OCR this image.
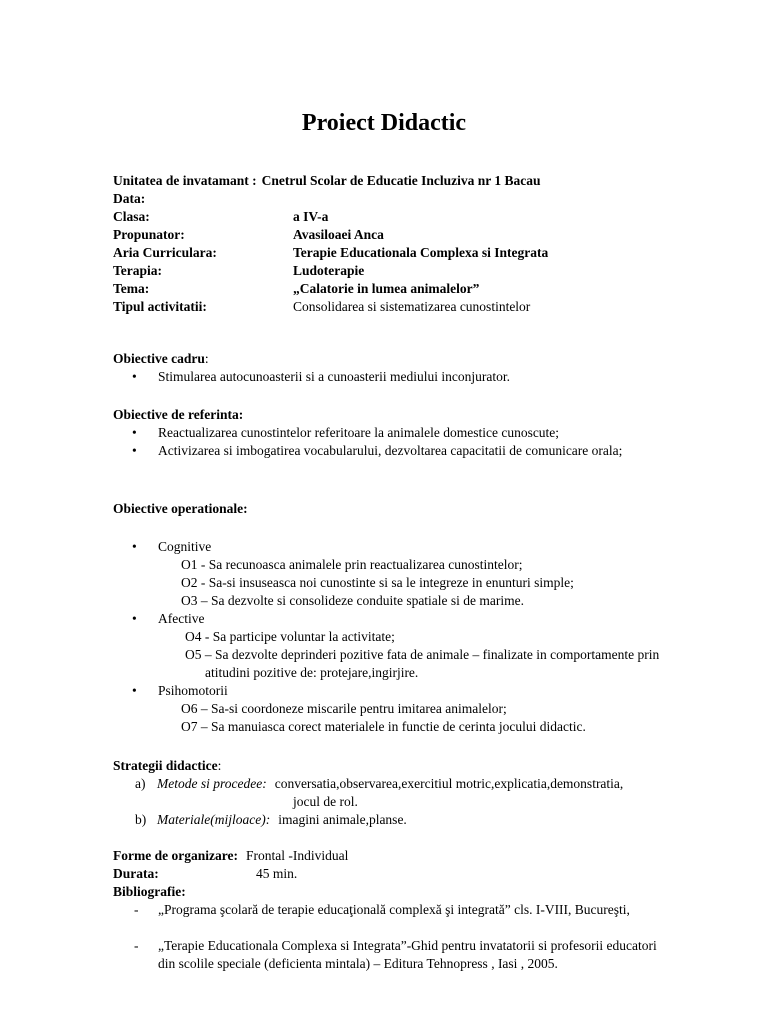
Proiect Didactic
Unitatea de invatamant : Cnetrul Scolar de Educatie Incluziva nr 1 Bacau
Data:
Clasa:	a IV-a
Propunator:	Avasiloaei Anca
Aria Curriculara:	Terapie Educationala Complexa si Integrata
Terapia:	Ludoterapie
Tema:	„Calatorie in lumea animalelor”
Tipul activitatii:	Consolidarea si sistematizarea cunostintelor
Obiective cadru:
• Stimularea autocunoasterii si a cunoasterii mediului inconjurator.
Obiective de referinta:
• Reactualizarea cunostintelor referitoare la animalele domestice cunoscute;
• Activizarea si imbogatirea vocabularului, dezvoltarea capacitatii de comunicare orala;
Obiective operationale:
• Cognitive
O1 - Sa recunoasca animalele prin reactualizarea cunostintelor;
O2 - Sa-si insuseasca noi cunostinte si sa le integreze in enunturi simple;
O3 – Sa dezvolte si consolideze conduite spatiale si de marime.
• Afective
O4 - Sa participe voluntar la activitate;
O5 – Sa dezvolte deprinderi pozitive fata de animale – finalizate in comportamente prin
atitudini pozitive de: protejare,ingirjire.
• Psihomotorii
O6 – Sa-si coordoneze miscarile pentru imitarea animalelor;
O7 – Sa manuiasca corect materialele in functie de cerinta jocului didactic.
Strategii didactice:
a) Metode si procedee: conversatia,observarea,exercitiul motric,explicatia,demonstratia,
jocul de rol.
b) Materiale(mijloace): imagini animale,planse.
Forme de organizare: Frontal -Individual
Durata:	45 min.
Bibliografie:
- „Programa şcolară de terapie educaţională complexă şi integrată” cls. I-VIII, Bucureşti,
- „Terapie Educationala Complexa si Integrata”-Ghid pentru invatatorii si profesorii educatori
din scolile speciale (deficienta mintala) – Editura Tehnopress , Iasi , 2005.
